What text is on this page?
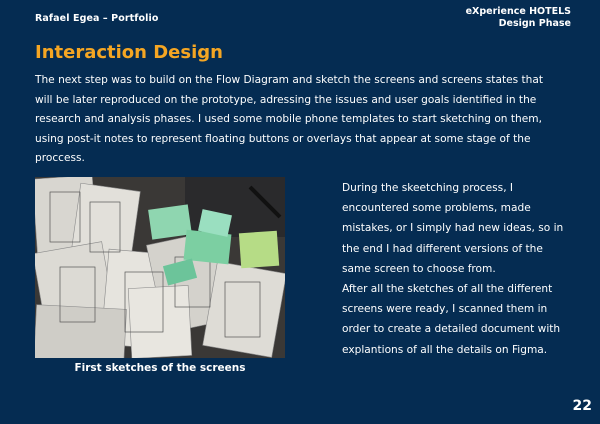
Rafael Egea – Portfolio
eXperience HOTELS
Design Phase
Interaction Design

The next step was to build on the Flow Diagram and sketch the screens and screens states that will be later reproduced on the prototype, adressing the issues and user goals identified in the research and analysis phases. I used some mobile phone templates to start sketching on them, using post-it notes to represent floating buttons or overlays that appear at some stage of the proccess.

First sketches of the screens

During the skeetching process, I encountered some problems, made mistakes, or I simply had new ideas, so in the end I had different versions of the same screen to choose from.

After all the sketches of all the different screens were ready, I scanned them in order to create a detailed document with explantions of all the details on Figma.

22
